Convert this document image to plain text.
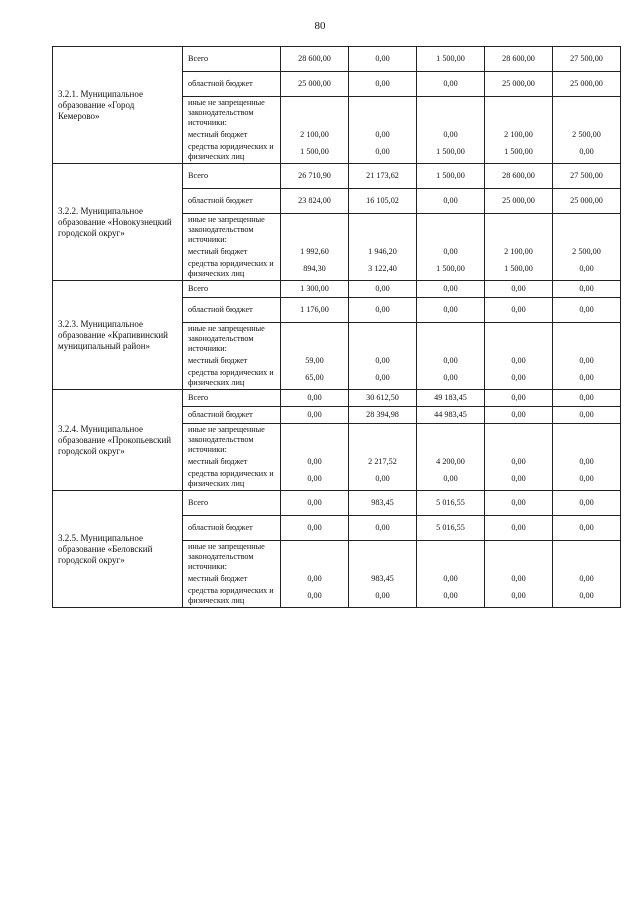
80
3.2.1. Муниципальное образование «Город Кемерово»	Всего	28 600,00	0,00	1 500,00	28 600,00	27 500,00
	областной бюджет	25 000,00	0,00	0,00	25 000,00	25 000,00
	иные не запрещенные законодательством источники:					
	местный бюджет	2 100,00	0,00	0,00	2 100,00	2 500,00
	средства юридических и физических лиц	1 500,00	0,00	1 500,00	1 500,00	0,00
3.2.2. Муниципальное образование «Новокузнецкий городской округ»	Всего	26 710,90	21 173,62	1 500,00	28 600,00	27 500,00
	областной бюджет	23 824,00	16 105,02	0,00	25 000,00	25 000,00
	иные не запрещенные законодательством источники:					
	местный бюджет	1 992,60	1 946,20	0,00	2 100,00	2 500,00
	средства юридических и физических лиц	894,30	3 122,40	1 500,00	1 500,00	0,00
3.2.3. Муниципальное образование «Крапивинский муниципальный район»	Всего	1 300,00	0,00	0,00	0,00	0,00
	областной бюджет	1 176,00	0,00	0,00	0,00	0,00
	иные не запрещенные законодательством источники:					
	местный бюджет	59,00	0,00	0,00	0,00	0,00
	средства юридических и физических лиц	65,00	0,00	0,00	0,00	0,00
3.2.4. Муниципальное образование «Прокопьевский городской округ»	Всего	0,00	30 612,50	49 183,45	0,00	0,00
	областной бюджет	0,00	28 394,98	44 983,45	0,00	0,00
	иные не запрещенные законодательством источники:					
	местный бюджет	0,00	2 217,52	4 200,00	0,00	0,00
	средства юридических и физических лиц	0,00	0,00	0,00	0,00	0,00
3.2.5. Муниципальное образование «Беловский городской округ»	Всего	0,00	983,45	5 016,55	0,00	0,00
	областной бюджет	0,00	0,00	5 016,55	0,00	0,00
	иные не запрещенные законодательством источники:					
	местный бюджет	0,00	983,45	0,00	0,00	0,00
	средства юридических и физических лиц	0,00	0,00	0,00	0,00	0,00
